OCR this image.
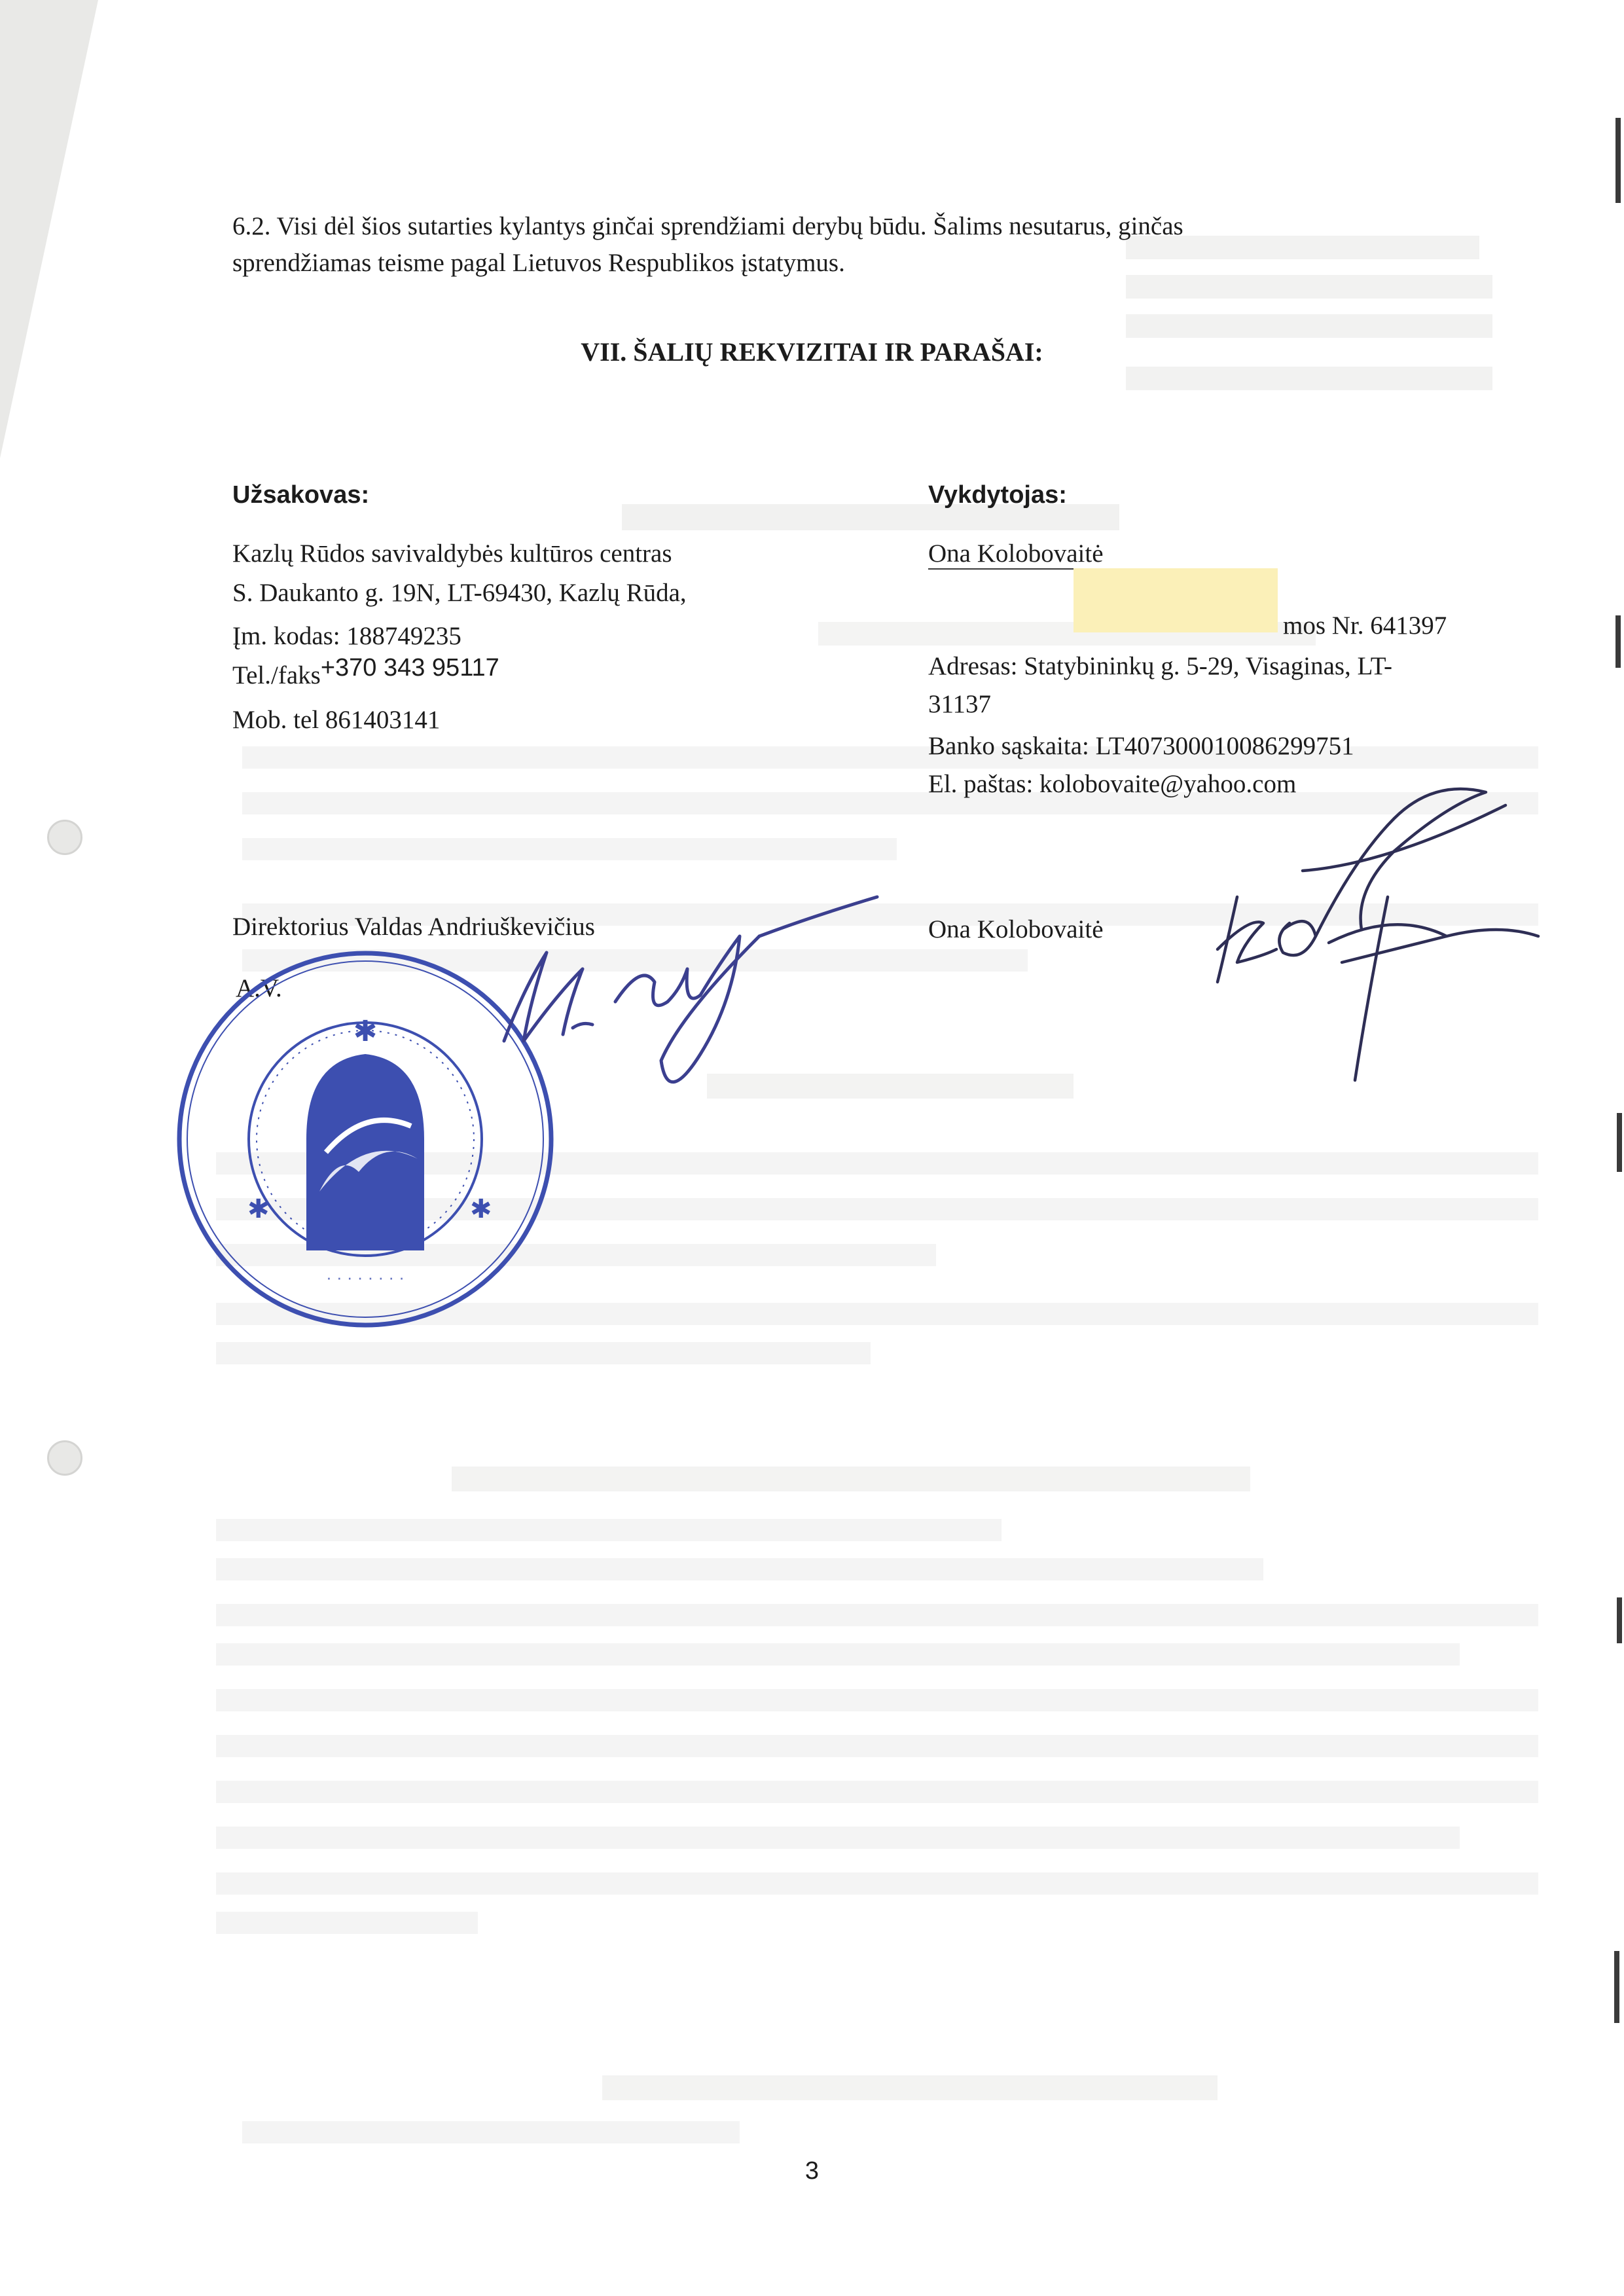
6.2. Visi dėl šios sutarties kylantys ginčai sprendžiami derybų būdu. Šalims nesutarus, ginčas
sprendžiamas teisme pagal Lietuvos Respublikos įstatymus.
VII. ŠALIŲ REKVIZITAI IR PARAŠAI:
Užsakovas:
Kazlų Rūdos savivaldybės kultūros centras
S. Daukanto g. 19N, LT-69430, Kazlų Rūda,
Įm. kodas: 188749235
Tel./faks+370 343 95117
Mob. tel 861403141
Vykdytojas:
Ona Kolobovaitė
mos Nr. 641397
Adresas: Statybininkų g. 5-29, Visaginas, LT-
31137
Banko sąskaita: LT407300010086299751
El. paštas: kolobovaite@yahoo.com
Direktorius Valdas Andriuškevičius	Ona Kolobovaitė
A.V.
✱
✱	✱
· · · · · · · ·
3
